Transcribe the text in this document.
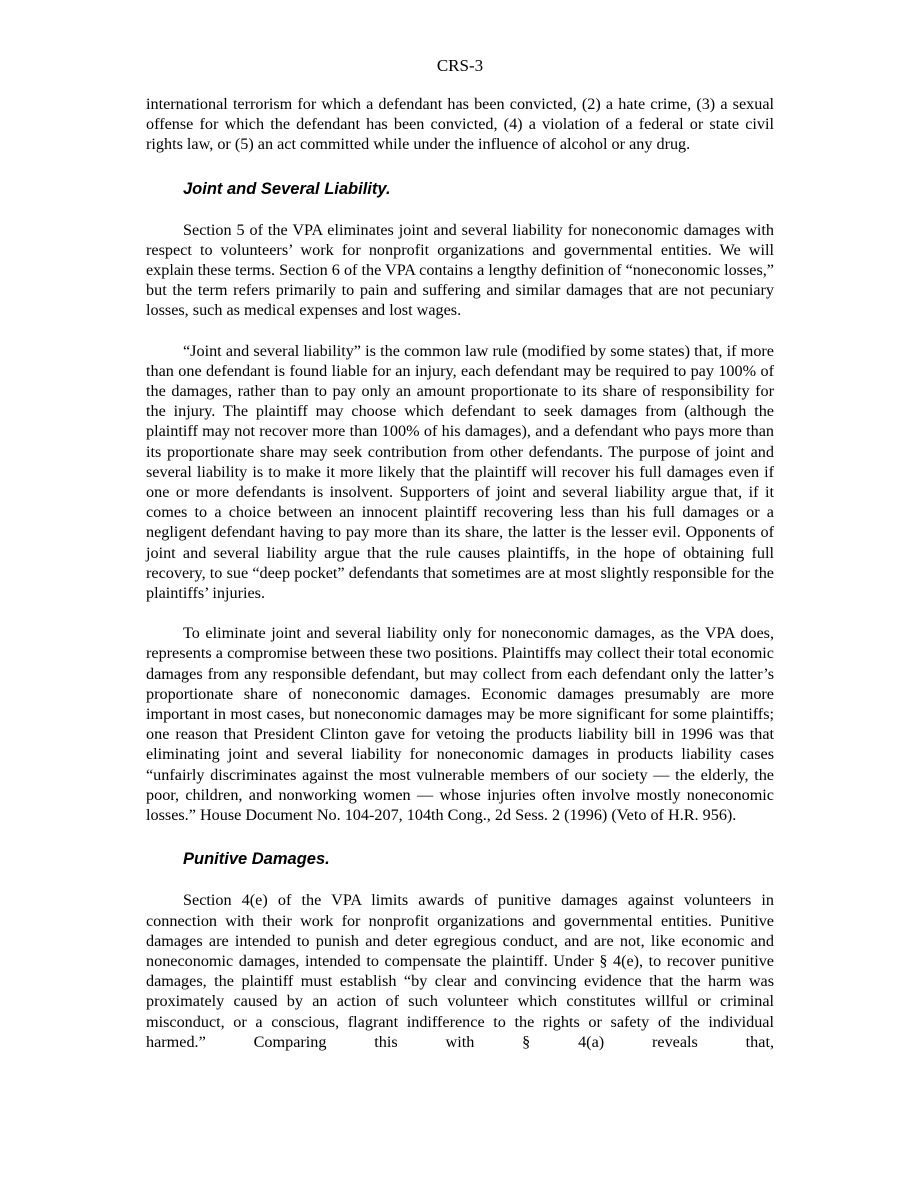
CRS-3

international terrorism for which a defendant has been convicted, (2) a hate crime, (3) a sexual offense for which the defendant has been convicted, (4) a violation of a federal or state civil rights law, or (5) an act committed while under the influence of alcohol or any drug.

Joint and Several Liability.

Section 5 of the VPA eliminates joint and several liability for noneconomic damages with respect to volunteers’ work for nonprofit organizations and governmental entities. We will explain these terms. Section 6 of the VPA contains a lengthy definition of “noneconomic losses,” but the term refers primarily to pain and suffering and similar damages that are not pecuniary losses, such as medical expenses and lost wages.

“Joint and several liability” is the common law rule (modified by some states) that, if more than one defendant is found liable for an injury, each defendant may be required to pay 100% of the damages, rather than to pay only an amount proportionate to its share of responsibility for the injury. The plaintiff may choose which defendant to seek damages from (although the plaintiff may not recover more than 100% of his damages), and a defendant who pays more than its proportionate share may seek contribution from other defendants. The purpose of joint and several liability is to make it more likely that the plaintiff will recover his full damages even if one or more defendants is insolvent. Supporters of joint and several liability argue that, if it comes to a choice between an innocent plaintiff recovering less than his full damages or a negligent defendant having to pay more than its share, the latter is the lesser evil. Opponents of joint and several liability argue that the rule causes plaintiffs, in the hope of obtaining full recovery, to sue “deep pocket” defendants that sometimes are at most slightly responsible for the plaintiffs’ injuries.

To eliminate joint and several liability only for noneconomic damages, as the VPA does, represents a compromise between these two positions. Plaintiffs may collect their total economic damages from any responsible defendant, but may collect from each defendant only the latter’s proportionate share of noneconomic damages. Economic damages presumably are more important in most cases, but noneconomic damages may be more significant for some plaintiffs; one reason that President Clinton gave for vetoing the products liability bill in 1996 was that eliminating joint and several liability for noneconomic damages in products liability cases “unfairly discriminates against the most vulnerable members of our society — the elderly, the poor, children, and nonworking women — whose injuries often involve mostly noneconomic losses.” House Document No. 104-207, 104th Cong., 2d Sess. 2 (1996) (Veto of H.R. 956).

Punitive Damages.

Section 4(e) of the VPA limits awards of punitive damages against volunteers in connection with their work for nonprofit organizations and governmental entities. Punitive damages are intended to punish and deter egregious conduct, and are not, like economic and noneconomic damages, intended to compensate the plaintiff. Under § 4(e), to recover punitive damages, the plaintiff must establish “by clear and convincing evidence that the harm was proximately caused by an action of such volunteer which constitutes willful or criminal misconduct, or a conscious, flagrant indifference to the rights or safety of the individual harmed.” Comparing this with § 4(a) reveals that,
